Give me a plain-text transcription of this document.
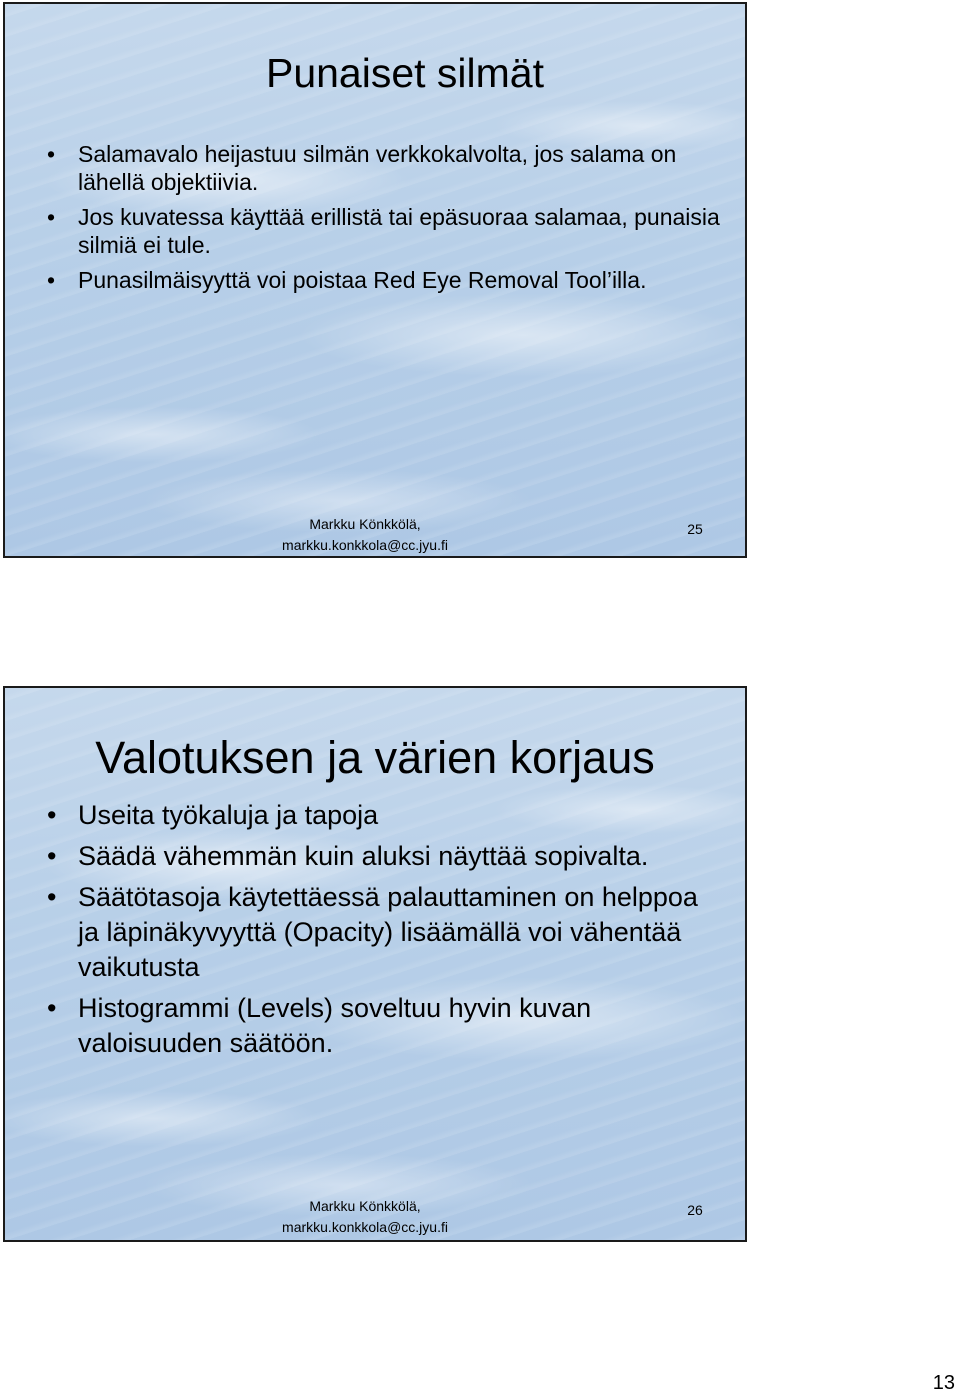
Punaiset silmät
• Salamavalo heijastuu silmän verkkokalvolta, jos salama on lähellä objektiivia.
• Jos kuvatessa käyttää erillistä tai epäsuoraa salamaa, punaisia silmiä ei tule.
• Punasilmäisyyttä voi poistaa Red Eye Removal Tool’illa.
Markku Könkkölä,
markku.konkkola@cc.jyu.fi
25
Valotuksen ja värien korjaus
• Useita työkaluja ja tapoja
• Säädä vähemmän kuin aluksi näyttää sopivalta.
• Säätötasoja käytettäessä palauttaminen on helppoa ja läpinäkyvyyttä (Opacity) lisäämällä voi vähentää vaikutusta
• Histogrammi (Levels) soveltuu hyvin kuvan valoisuuden säätöön.
Markku Könkkölä,
markku.konkkola@cc.jyu.fi
26
13
